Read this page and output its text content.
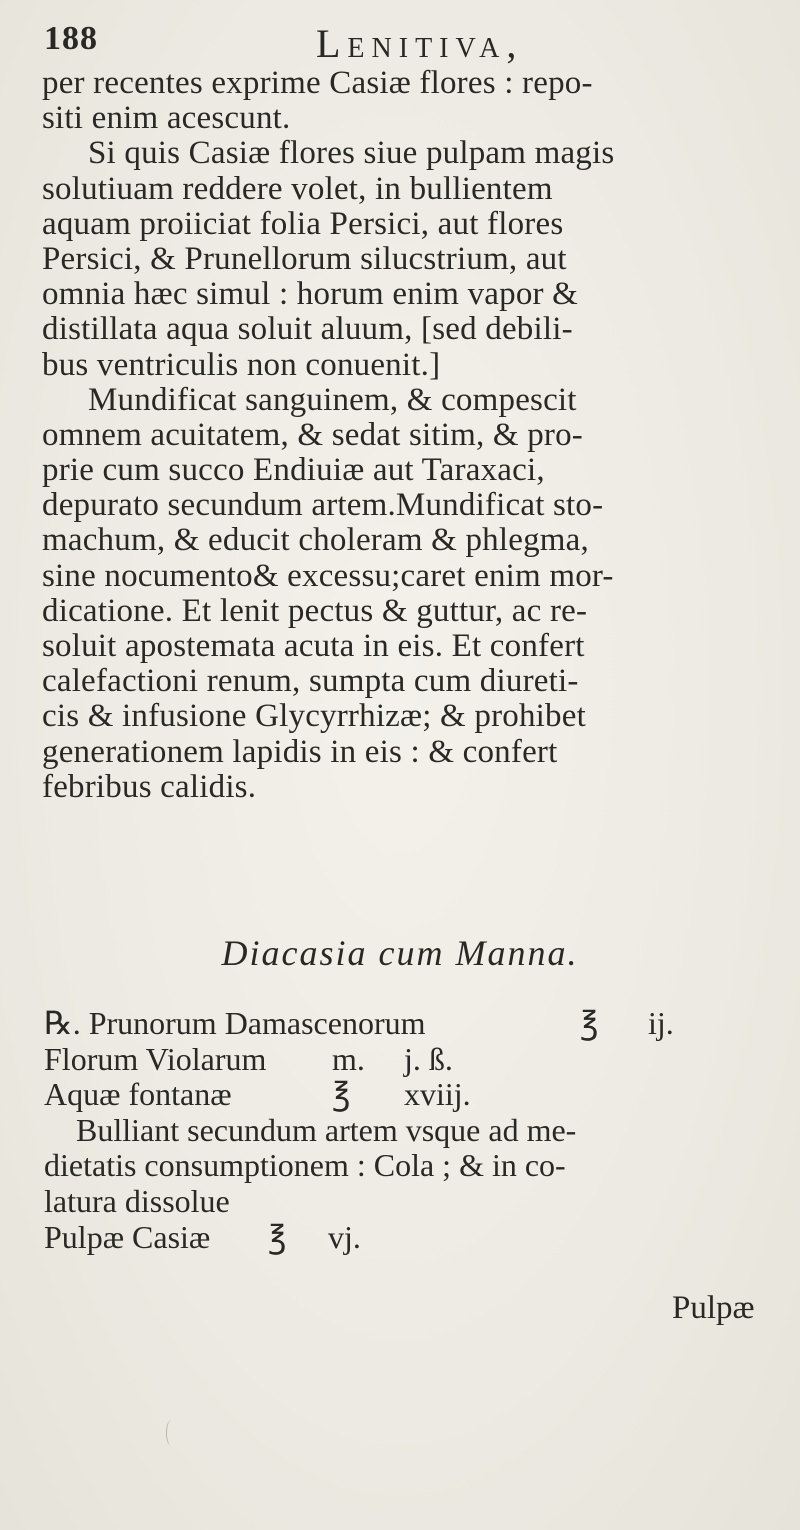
188	Lenitiva,
per recentes exprime Casiæ flores : repo-
siti enim acescunt.
Si quis Casiæ flores siue pulpam magis
solutiuam reddere volet, in bullientem
aquam proiiciat folia Persici, aut flores
Persici, & Prunellorum silucstrium, aut
omnia hæc simul : horum enim vapor &
distillata aqua soluit aluum, [sed debili-
bus ventriculis non conuenit.]
Mundificat sanguinem, & compescit
omnem acuitatem, & sedat sitim, & pro-
prie cum succo Endiuiæ aut Taraxaci,
depurato secundum artem.Mundificat sto-
machum, & educit choleram & phlegma,
sine nocumento& excessu;caret enim mor-
dicatione. Et lenit pectus & guttur, ac re-
soluit apostemata acuta in eis. Et confert
calefactioni renum, sumpta cum diureti-
cis & infusione Glycyrrhizæ; & prohibet
generationem lapidis in eis : & confert
febribus calidis.
Diacasia cum Manna.
℞. Prunorum Damascenorum	℥ ij.
Florum Violarum m. j. ß.
Aquæ fontanæ	℥ xviij.
Bulliant secundum artem vsque ad me-
dietatis consumptionem : Cola ; & in co-
latura dissolue
Pulpæ Casiæ ℥ vj.
Pulpæ
